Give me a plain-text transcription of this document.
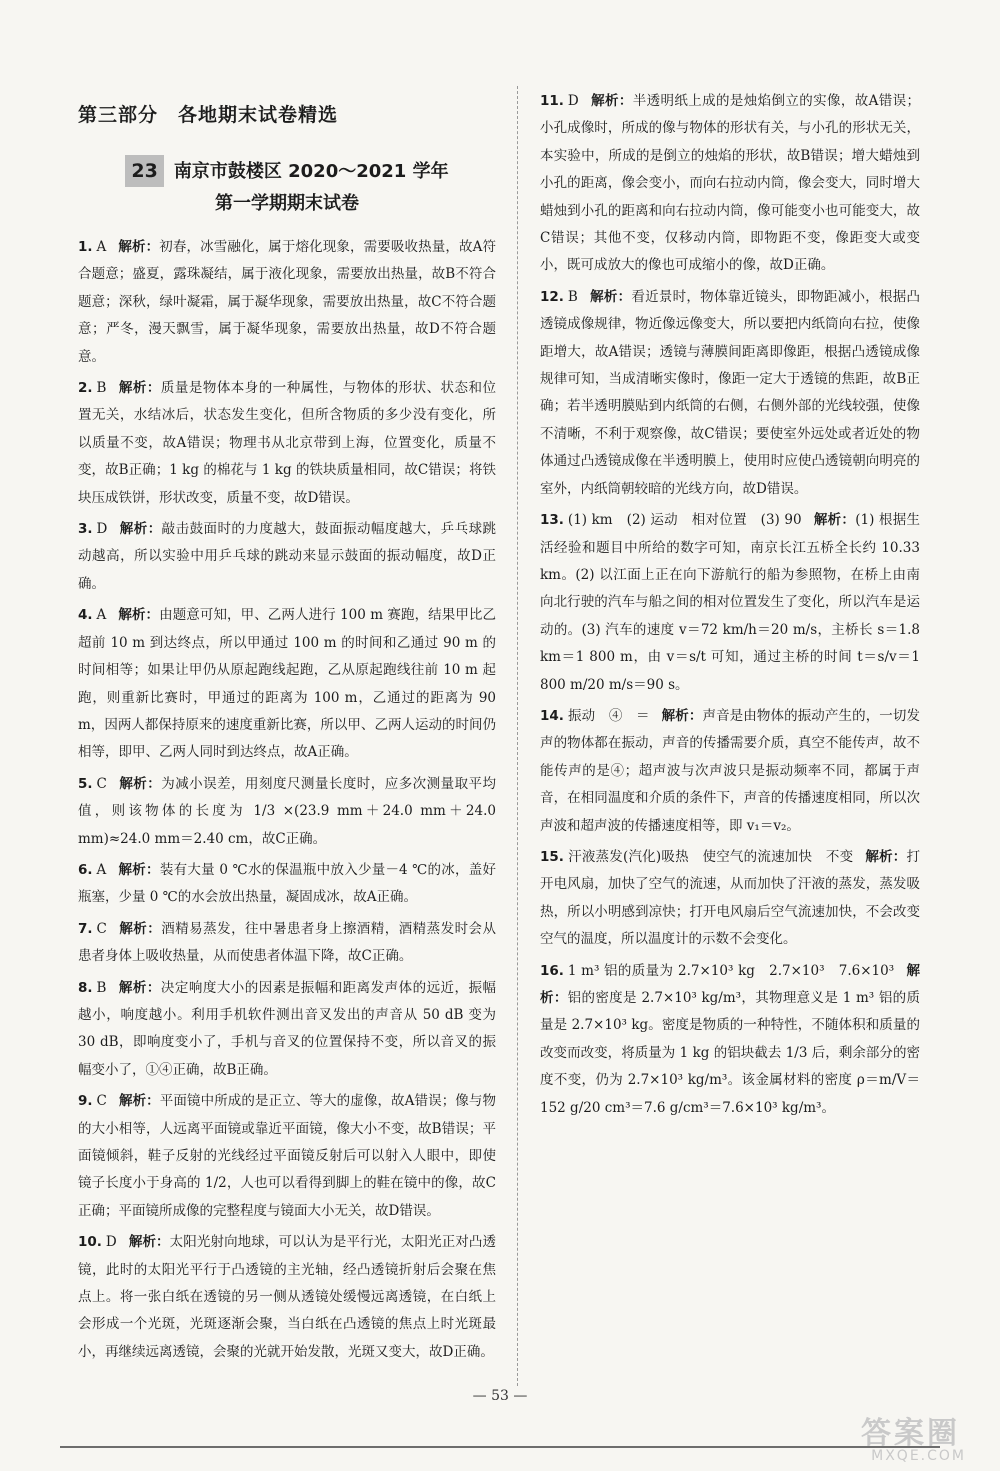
第三部分　各地期末试卷精选
23 南京市鼓楼区 2020～2021 学年
第一学期期末试卷
1. A 解析：初春，冰雪融化，属于熔化现象，需要吸收热量，故A符合题意；盛夏，露珠凝结，属于液化现象，需要放出热量，故B不符合题意；深秋，绿叶凝霜，属于凝华现象，需要放出热量，故C不符合题意；严冬，漫天飘雪，属于凝华现象，需要放出热量，故D不符合题意。
2. B 解析：质量是物体本身的一种属性，与物体的形状、状态和位置无关，水结冰后，状态发生变化，但所含物质的多少没有变化，所以质量不变，故A错误；物理书从北京带到上海，位置变化，质量不变，故B正确；1 kg 的棉花与 1 kg 的铁块质量相同，故C错误；将铁块压成铁饼，形状改变，质量不变，故D错误。
3. D 解析：敲击鼓面时的力度越大，鼓面振动幅度越大，乒乓球跳动越高，所以实验中用乒乓球的跳动来显示鼓面的振动幅度，故D正确。
4. A 解析：由题意可知，甲、乙两人进行 100 m 赛跑，结果甲比乙超前 10 m 到达终点，所以甲通过 100 m 的时间和乙通过 90 m 的时间相等；如果让甲仍从原起跑线起跑，乙从原起跑线往前 10 m 起跑，则重新比赛时，甲通过的距离为 100 m，乙通过的距离为 90 m，因两人都保持原来的速度重新比赛，所以甲、乙两人运动的时间仍相等，即甲、乙两人同时到达终点，故A正确。
5. C 解析：为减小误差，用刻度尺测量长度时，应多次测量取平均值，则该物体的长度为 1/3 ×(23.9 mm＋24.0 mm＋24.0 mm)≈24.0 mm＝2.40 cm，故C正确。
6. A 解析：装有大量 0 ℃水的保温瓶中放入少量－4 ℃的冰，盖好瓶塞，少量 0 ℃的水会放出热量，凝固成冰，故A正确。
7. C 解析：酒精易蒸发，往中暑患者身上擦酒精，酒精蒸发时会从患者身体上吸收热量，从而使患者体温下降，故C正确。
8. B 解析：决定响度大小的因素是振幅和距离发声体的远近，振幅越小，响度越小。利用手机软件测出音叉发出的声音从 50 dB 变为 30 dB，即响度变小了，手机与音叉的位置保持不变，所以音叉的振幅变小了，①④正确，故B正确。
9. C 解析：平面镜中所成的是正立、等大的虚像，故A错误；像与物的大小相等，人远离平面镜或靠近平面镜，像大小不变，故B错误；平面镜倾斜，鞋子反射的光线经过平面镜反射后可以射入人眼中，即使镜子长度小于身高的 1/2，人也可以看得到脚上的鞋在镜中的像，故C正确；平面镜所成像的完整程度与镜面大小无关，故D错误。
10. D 解析：太阳光射向地球，可以认为是平行光，太阳光正对凸透镜，此时的太阳光平行于凸透镜的主光轴，经凸透镜折射后会聚在焦点上。将一张白纸在透镜的另一侧从透镜处缓慢远离透镜，在白纸上会形成一个光斑，光斑逐渐会聚，当白纸在凸透镜的焦点上时光斑最小，再继续远离透镜，会聚的光就开始发散，光斑又变大，故D正确。
11. D 解析：半透明纸上成的是烛焰倒立的实像，故A错误；小孔成像时，所成的像与物体的形状有关，与小孔的形状无关，本实验中，所成的是倒立的烛焰的形状，故B错误；增大蜡烛到小孔的距离，像会变小，而向右拉动内筒，像会变大，同时增大蜡烛到小孔的距离和向右拉动内筒，像可能变小也可能变大，故C错误；其他不变，仅移动内筒，即物距不变，像距变大或变小，既可成放大的像也可成缩小的像，故D正确。
12. B 解析：看近景时，物体靠近镜头，即物距减小，根据凸透镜成像规律，物近像远像变大，所以要把内纸筒向右拉，使像距增大，故A错误；透镜与薄膜间距离即像距，根据凸透镜成像规律可知，当成清晰实像时，像距一定大于透镜的焦距，故B正确；若半透明膜贴到内纸筒的右侧，右侧外部的光线较强，使像不清晰，不利于观察像，故C错误；要使室外远处或者近处的物体通过凸透镜成像在半透明膜上，使用时应使凸透镜朝向明亮的室外，内纸筒朝较暗的光线方向，故D错误。
13. (1) km　(2) 运动　相对位置　(3) 90 解析：(1) 根据生活经验和题目中所给的数字可知，南京长江五桥全长约 10.33 km。(2) 以江面上正在向下游航行的船为参照物，在桥上由南向北行驶的汽车与船之间的相对位置发生了变化，所以汽车是运动的。(3) 汽车的速度 v＝72 km/h＝20 m/s，主桥长 s＝1.8 km＝1 800 m，由 v＝s/t 可知，通过主桥的时间 t＝s/v＝1 800 m/20 m/s＝90 s。
14. 振动　④　＝ 解析：声音是由物体的振动产生的，一切发声的物体都在振动，声音的传播需要介质，真空不能传声，故不能传声的是④；超声波与次声波只是振动频率不同，都属于声音，在相同温度和介质的条件下，声音的传播速度相同，所以次声波和超声波的传播速度相等，即 v₁＝v₂。
15. 汗液蒸发(汽化)吸热　使空气的流速加快　不变 解析：打开电风扇，加快了空气的流速，从而加快了汗液的蒸发，蒸发吸热，所以小明感到凉快；打开电风扇后空气流速加快，不会改变空气的温度，所以温度计的示数不会变化。
16. 1 m³ 铝的质量为 2.7×10³ kg　2.7×10³　7.6×10³ 解析：铝的密度是 2.7×10³ kg/m³，其物理意义是 1 m³ 铝的质量是 2.7×10³ kg。密度是物质的一种特性，不随体积和质量的改变而改变，将质量为 1 kg 的铝块截去 1/3 后，剩余部分的密度不变，仍为 2.7×10³ kg/m³。该金属材料的密度 ρ＝m/V＝152 g/20 cm³＝7.6 g/cm³＝7.6×10³ kg/m³。
— 53 —
答案圈
MXQE.COM
